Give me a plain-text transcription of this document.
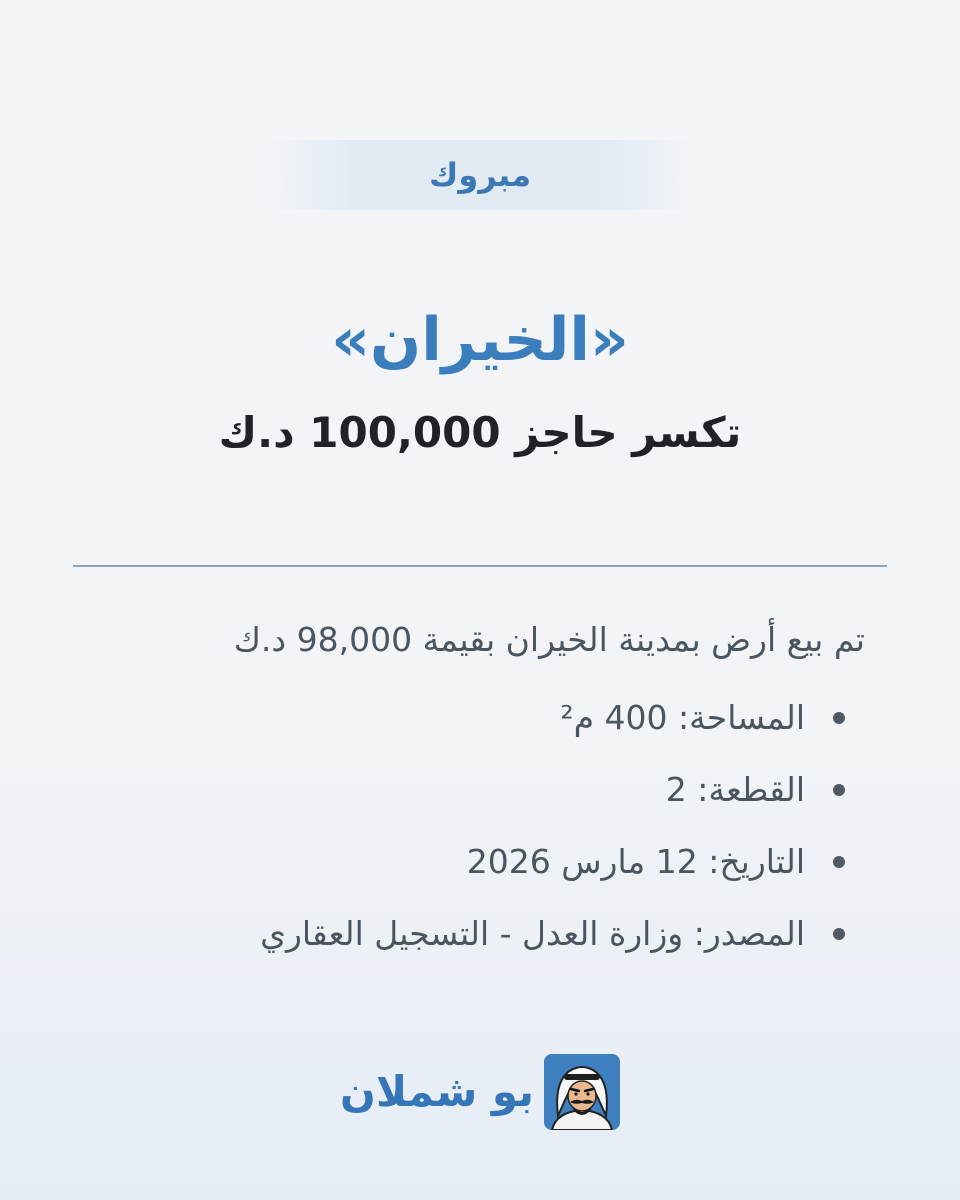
مبروك
«الخيران»
تكسر حاجز 100,000 د.ك
تم بيع أرض بمدينة الخيران بقيمة 98,000 د.ك
المساحة: 400 م²
القطعة: 2
التاريخ: 12 مارس 2026
المصدر: وزارة العدل - التسجيل العقاري
بو شملان
